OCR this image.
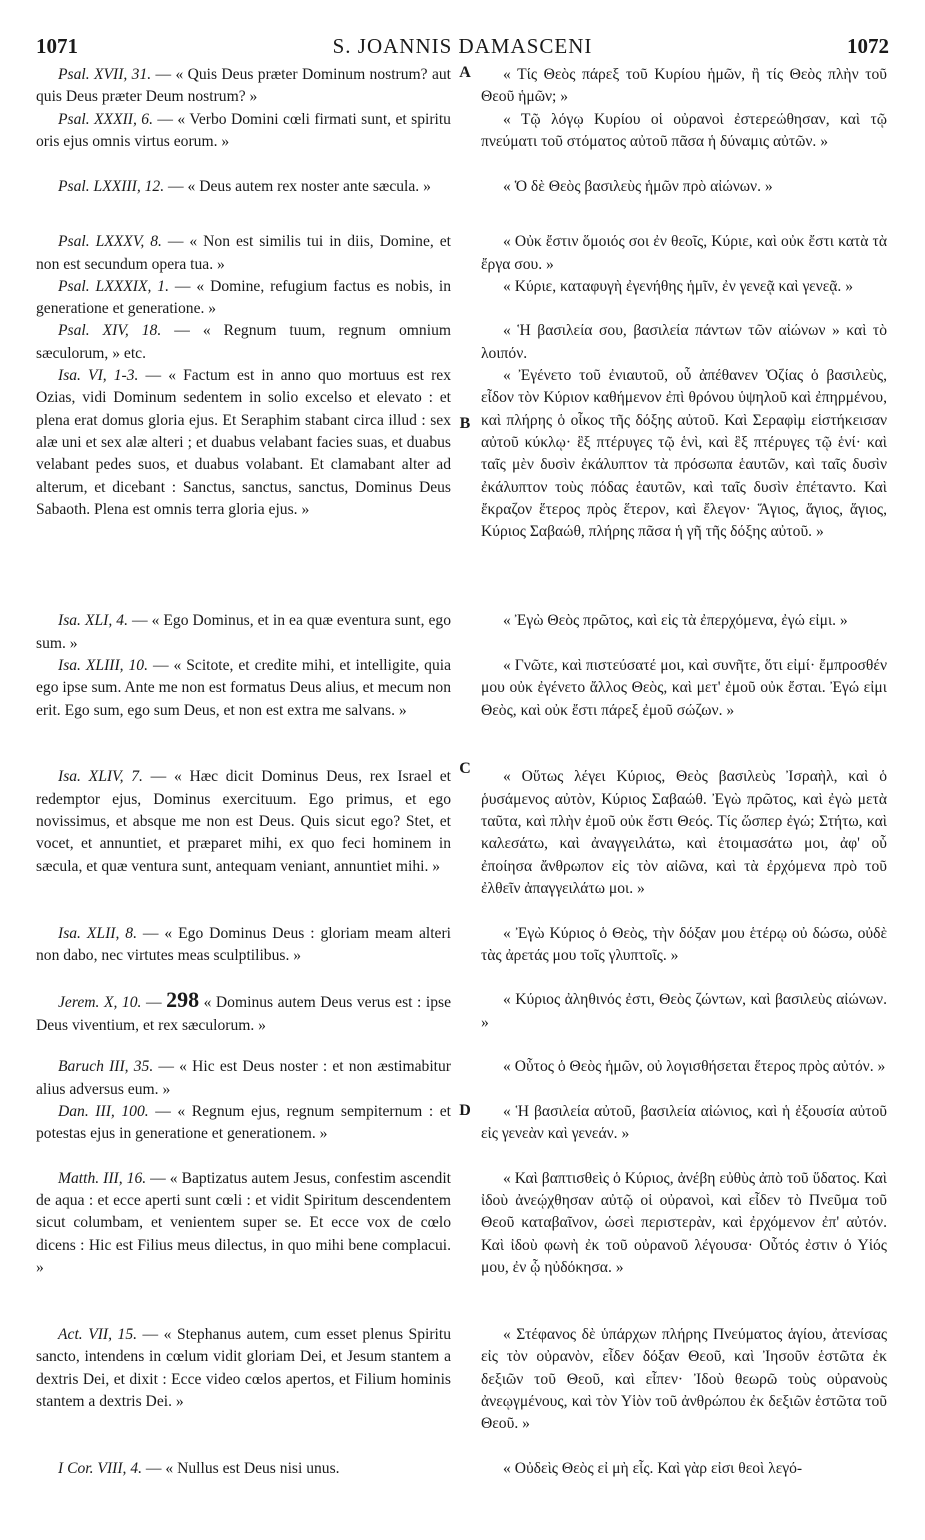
1071	S. JOANNIS DAMASCENI	1072

Psal. XVII, 31. — « Quis Deus præter Dominum nostrum? aut quis Deus præter Deum nostrum? »

Psal. XXXII, 6. — « Verbo Domini cœli firmati sunt, et spiritu oris ejus omnis virtus eorum. »

Psal. LXXIII, 12. — « Deus autem rex noster ante sæcula. »

Psal. LXXXV, 8. — « Non est similis tui in diis, Domine, et non est secundum opera tua. »

Psal. LXXXIX, 1. — « Domine, refugium factus es nobis, in generatione et generatione. »

Psal. XIV, 18. — « Regnum tuum, regnum omnium sæculorum, » etc.

Isa. VI, 1-3. — « Factum est in anno quo mortuus est rex Ozias, vidi Dominum sedentem in solio excelso et elevato : et plena erat domus gloria ejus. Et Seraphim stabant circa illud : sex alæ uni et sex alæ alteri ; et duabus velabant facies suas, et duabus velabant pedes suos, et duabus volabant. Et clamabant alter ad alterum, et dicebant : Sanctus, sanctus, sanctus, Dominus Deus Sabaoth. Plena est omnis terra gloria ejus. »

Isa. XLI, 4. — « Ego Dominus, et in ea quæ eventura sunt, ego sum. »

Isa. XLIII, 10. — « Scitote, et credite mihi, et intelligite, quia ego ipse sum. Ante me non est formatus Deus alius, et mecum non erit. Ego sum, ego sum Deus, et non est extra me salvans. »

Isa. XLIV, 7. — « Hæc dicit Dominus Deus, rex Israel et redemptor ejus, Dominus exercituum. Ego primus, et ego novissimus, et absque me non est Deus. Quis sicut ego? Stet, et vocet, et annuntiet, et præparet mihi, ex quo feci hominem in sæcula, et quæ ventura sunt, antequam veniant, annuntiet mihi. »

Isa. XLII, 8. — « Ego Dominus Deus : gloriam meam alteri non dabo, nec virtutes meas sculptilibus. »

Jerem. X, 10. — 298 « Dominus autem Deus verus est : ipse Deus viventium, et rex sæculorum. »

Baruch III, 35. — « Hic est Deus noster : et non æstimabitur alius adversus eum. »

Dan. III, 100. — « Regnum ejus, regnum sempiternum : et potestas ejus in generatione et generationem. »

Matth. III, 16. — « Baptizatus autem Jesus, confestim ascendit de aqua : et ecce aperti sunt cœli : et vidit Spiritum descendentem sicut columbam, et venientem super se. Et ecce vox de cœlo dicens : Hic est Filius meus dilectus, in quo mihi bene complacui. »

Act. VII, 15. — « Stephanus autem, cum esset plenus Spiritu sancto, intendens in cœlum vidit gloriam Dei, et Jesum stantem a dextris Dei, et dixit : Ecce video cœlos apertos, et Filium hominis stantem a dextris Dei. »

I Cor. VIII, 4. — « Nullus est Deus nisi unus.

A
B
C
D

« Τίς Θεὸς πάρεξ τοῦ Κυρίου ἡμῶν, ἢ τίς Θεὸς πλὴν τοῦ Θεοῦ ἡμῶν; »

« Τῷ λόγῳ Κυρίου οἱ οὐρανοὶ ἐστερεώθησαν, καὶ τῷ πνεύματι τοῦ στόματος αὐτοῦ πᾶσα ἡ δύναμις αὐτῶν. »

« Ὁ δὲ Θεὸς βασιλεὺς ἡμῶν πρὸ αἰώνων. »

« Οὐκ ἔστιν ὅμοιός σοι ἐν θεοῖς, Κύριε, καὶ οὐκ ἔστι κατὰ τὰ ἔργα σου. »

« Κύριε, καταφυγὴ ἐγενήθης ἡμῖν, ἐν γενεᾷ καὶ γενεᾷ. »

« Ἡ βασιλεία σου, βασιλεία πάντων τῶν αἰώνων » καὶ τὸ λοιπόν.

« Ἐγένετο τοῦ ἐνιαυτοῦ, οὗ ἀπέθανεν Ὀζίας ὁ βασιλεὺς, εἶδον τὸν Κύριον καθήμενον ἐπὶ θρόνου ὑψηλοῦ καὶ ἐπηρμένου, καὶ πλήρης ὁ οἶκος τῆς δόξης αὐτοῦ. Καὶ Σεραφὶμ εἱστήκεισαν αὐτοῦ κύκλῳ· ἓξ πτέρυγες τῷ ἑνὶ, καὶ ἓξ πτέρυγες τῷ ἑνί· καὶ ταῖς μὲν δυσὶν ἐκάλυπτον τὰ πρόσωπα ἑαυτῶν, καὶ ταῖς δυσὶν ἐκάλυπτον τοὺς πόδας ἑαυτῶν, καὶ ταῖς δυσὶν ἐπέταντο. Καὶ ἔκραζον ἕτερος πρὸς ἕτερον, καὶ ἔλεγον· Ἅγιος, ἅγιος, ἅγιος, Κύριος Σαβαώθ, πλήρης πᾶσα ἡ γῆ τῆς δόξης αὐτοῦ. »

« Ἐγὼ Θεὸς πρῶτος, καὶ εἰς τὰ ἐπερχόμενα, ἐγώ εἰμι. »

« Γνῶτε, καὶ πιστεύσατέ μοι, καὶ συνῆτε, ὅτι εἰμί· ἔμπροσθέν μου οὐκ ἐγένετο ἄλλος Θεὸς, καὶ μετ' ἐμοῦ οὐκ ἔσται. Ἐγώ εἰμι Θεὸς, καὶ οὐκ ἔστι πάρεξ ἐμοῦ σώζων. »

« Οὕτως λέγει Κύριος, Θεὸς βασιλεὺς Ἰσραὴλ, καὶ ὁ ῥυσάμενος αὐτὸν, Κύριος Σαβαώθ. Ἐγὼ πρῶτος, καὶ ἐγὼ μετὰ ταῦτα, καὶ πλὴν ἐμοῦ οὐκ ἔστι Θεός. Τίς ὥσπερ ἐγώ; Στήτω, καὶ καλεσάτω, καὶ ἀναγγειλάτω, καὶ ἑτοιμασάτω μοι, ἀφ' οὗ ἐποίησα ἄνθρωπον εἰς τὸν αἰῶνα, καὶ τὰ ἐρχόμενα πρὸ τοῦ ἐλθεῖν ἀπαγγειλάτω μοι. »

« Ἐγὼ Κύριος ὁ Θεὸς, τὴν δόξαν μου ἑτέρῳ οὐ δώσω, οὐδὲ τὰς ἀρετάς μου τοῖς γλυπτοῖς. »

« Κύριος ἀληθινός ἐστι, Θεὸς ζώντων, καὶ βασιλεὺς αἰώνων. »

« Οὗτος ὁ Θεὸς ἡμῶν, οὐ λογισθήσεται ἕτερος πρὸς αὐτόν. »

« Ἡ βασιλεία αὐτοῦ, βασιλεία αἰώνιος, καὶ ἡ ἐξουσία αὐτοῦ εἰς γενεὰν καὶ γενεάν. »

« Καὶ βαπτισθεὶς ὁ Κύριος, ἀνέβη εὐθὺς ἀπὸ τοῦ ὕδατος. Καὶ ἰδοὺ ἀνεῴχθησαν αὐτῷ οἱ οὐρανοὶ, καὶ εἶδεν τὸ Πνεῦμα τοῦ Θεοῦ καταβαῖνον, ὡσεὶ περιστερὰν, καὶ ἐρχόμενον ἐπ' αὐτόν. Καὶ ἰδοὺ φωνὴ ἐκ τοῦ οὐρανοῦ λέγουσα· Οὗτός ἐστιν ὁ Υἱός μου, ἐν ᾧ ηὐδόκησα. »

« Στέφανος δὲ ὑπάρχων πλήρης Πνεύματος ἁγίου, ἀτενίσας εἰς τὸν οὐρανὸν, εἶδεν δόξαν Θεοῦ, καὶ Ἰησοῦν ἑστῶτα ἐκ δεξιῶν τοῦ Θεοῦ, καὶ εἶπεν· Ἰδοὺ θεωρῶ τοὺς οὐρανοὺς ἀνεῳγμένους, καὶ τὸν Υἱὸν τοῦ ἀνθρώπου ἐκ δεξιῶν ἑστῶτα τοῦ Θεοῦ. »

« Οὐδεὶς Θεὸς εἰ μὴ εἷς. Καὶ γὰρ εἰσι θεοὶ λεγό-
